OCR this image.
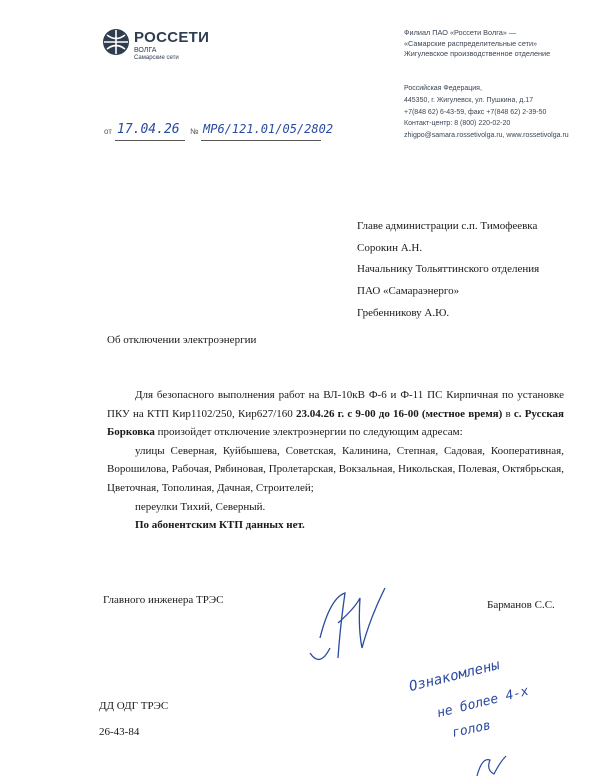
РОССЕТИ
ВОЛГА
Самарские сети
Филиал ПАО «Россети Волга» —
«Самарские распределительные сети»
Жигулевское производственное отделение
Российская Федерация,
445350, г. Жигулевск, ул. Пушкина, д.17
+7(848 62) 6-43-59, факс +7(848 62) 2-39-50
Контакт-центр: 8 (800) 220-02-20
zhigpo@samara.rossetivolga.ru, www.rossetivolga.ru
от 17.04.26 № МР6/121.01/05/2802
Главе администрации с.п. Тимофеевка
Сорокин А.Н.
Начальнику Тольяттинского отделения
ПАО «Самараэнерго»
Гребенникову А.Ю.
Об отключении электроэнергии

Для безопасного выполнения работ на ВЛ-10кВ Ф-6 и Ф-11 ПС Кирпичная по установке ПКУ на КТП Кир1102/250, Кир627/160 23.04.26 г. с 9-00 до 16-00 (местное время) в с. Русская Борковка произойдет отключение электроэнергии по следующим адресам:

улицы Северная, Куйбышева, Советская, Калинина, Степная, Садовая, Кооперативная, Ворошилова, Рабочая, Рябиновая, Пролетарская, Вокзальная, Никольская, Полевая, Октябрьская, Цветочная, Тополиная, Дачная, Строителей;

переулки Тихий, Северный.

По абонентским КТП данных нет.

Главного инженера ТРЭС	Барманов С.С.
Ознакомлены
не более 4-х
голов
ДД ОДГ ТРЭС
26-43-84
